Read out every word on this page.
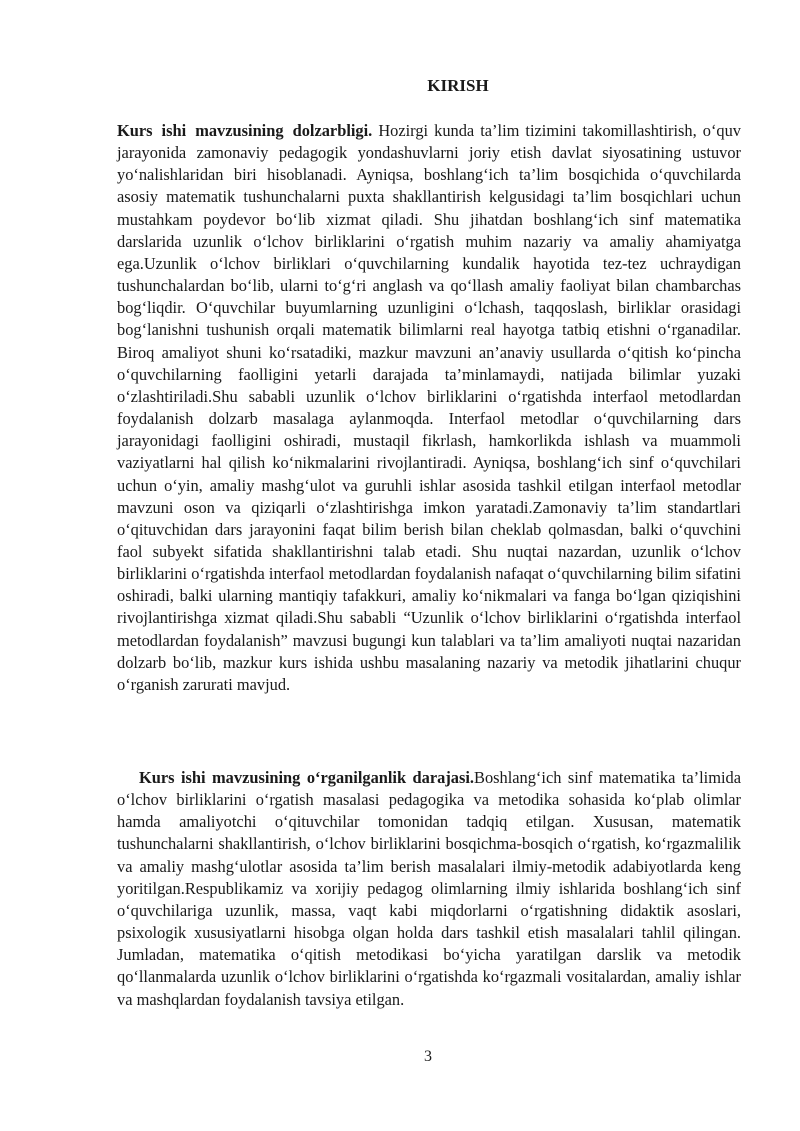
KIRISH

Kurs ishi mavzusining dolzarbligi. Hozirgi kunda ta’lim tizimini takomillashtirish, o‘quv jarayonida zamonaviy pedagogik yondashuvlarni joriy etish davlat siyosatining ustuvor yo‘nalishlaridan biri hisoblanadi. Ayniqsa, boshlang‘ich ta’lim bosqichida o‘quvchilarda asosiy matematik tushunchalarni puxta shakllantirish kelgusidagi ta’lim bosqichlari uchun mustahkam poydevor bo‘lib xizmat qiladi. Shu jihatdan boshlang‘ich sinf matematika darslarida uzunlik o‘lchov birliklarini o‘rgatish muhim nazariy va amaliy ahamiyatga ega.Uzunlik o‘lchov birliklari o‘quvchilarning kundalik hayotida tez-tez uchraydigan tushunchalardan bo‘lib, ularni to‘g‘ri anglash va qo‘llash amaliy faoliyat bilan chambarchas bog‘liqdir. O‘quvchilar buyumlarning uzunligini o‘lchash, taqqoslash, birliklar orasidagi bog‘lanishni tushunish orqali matematik bilimlarni real hayotga tatbiq etishni o‘rganadilar. Biroq amaliyot shuni ko‘rsatadiki, mazkur mavzuni an’anaviy usullarda o‘qitish ko‘pincha o‘quvchilarning faolligini yetarli darajada ta’minlamaydi, natijada bilimlar yuzaki o‘zlashtiriladi.Shu sababli uzunlik o‘lchov birliklarini o‘rgatishda interfaol metodlardan foydalanish dolzarb masalaga aylanmoqda. Interfaol metodlar o‘quvchilarning dars jarayonidagi faolligini oshiradi, mustaqil fikrlash, hamkorlikda ishlash va muammoli vaziyatlarni hal qilish ko‘nikmalarini rivojlantiradi. Ayniqsa, boshlang‘ich sinf o‘quvchilari uchun o‘yin, amaliy mashg‘ulot va guruhli ishlar asosida tashkil etilgan interfaol metodlar mavzuni oson va qiziqarli o‘zlashtirishga imkon yaratadi.Zamonaviy ta’lim standartlari o‘qituvchidan dars jarayonini faqat bilim berish bilan cheklab qolmasdan, balki o‘quvchini faol subyekt sifatida shakllantirishni talab etadi. Shu nuqtai nazardan, uzunlik o‘lchov birliklarini o‘rgatishda interfaol metodlardan foydalanish nafaqat o‘quvchilarning bilim sifatini oshiradi, balki ularning mantiqiy tafakkuri, amaliy ko‘nikmalari va fanga bo‘lgan qiziqishini rivojlantirishga xizmat qiladi.Shu sababli “Uzunlik o‘lchov birliklarini o‘rgatishda interfaol metodlardan foydalanish” mavzusi bugungi kun talablari va ta’lim amaliyoti nuqtai nazaridan dolzarb bo‘lib, mazkur kurs ishida ushbu masalaning nazariy va metodik jihatlarini chuqur o‘rganish zarurati mavjud.

Kurs ishi mavzusining o‘rganilganlik darajasi.Boshlang‘ich sinf matematika ta’limida o‘lchov birliklarini o‘rgatish masalasi pedagogika va metodika sohasida ko‘plab olimlar hamda amaliyotchi o‘qituvchilar tomonidan tadqiq etilgan. Xususan, matematik tushunchalarni shakllantirish, o‘lchov birliklarini bosqichma-bosqich o‘rgatish, ko‘rgazmalilik va amaliy mashg‘ulotlar asosida ta’lim berish masalalari ilmiy-metodik adabiyotlarda keng yoritilgan.Respublikamiz va xorijiy pedagog olimlarning ilmiy ishlarida boshlang‘ich sinf o‘quvchilariga uzunlik, massa, vaqt kabi miqdorlarni o‘rgatishning didaktik asoslari, psixologik xususiyatlarni hisobga olgan holda dars tashkil etish masalalari tahlil qilingan. Jumladan, matematika o‘qitish metodikasi bo‘yicha yaratilgan darslik va metodik qo‘llanmalarda uzunlik o‘lchov birliklarini o‘rgatishda ko‘rgazmali vositalardan, amaliy ishlar va mashqlardan foydalanish tavsiya etilgan.

3
